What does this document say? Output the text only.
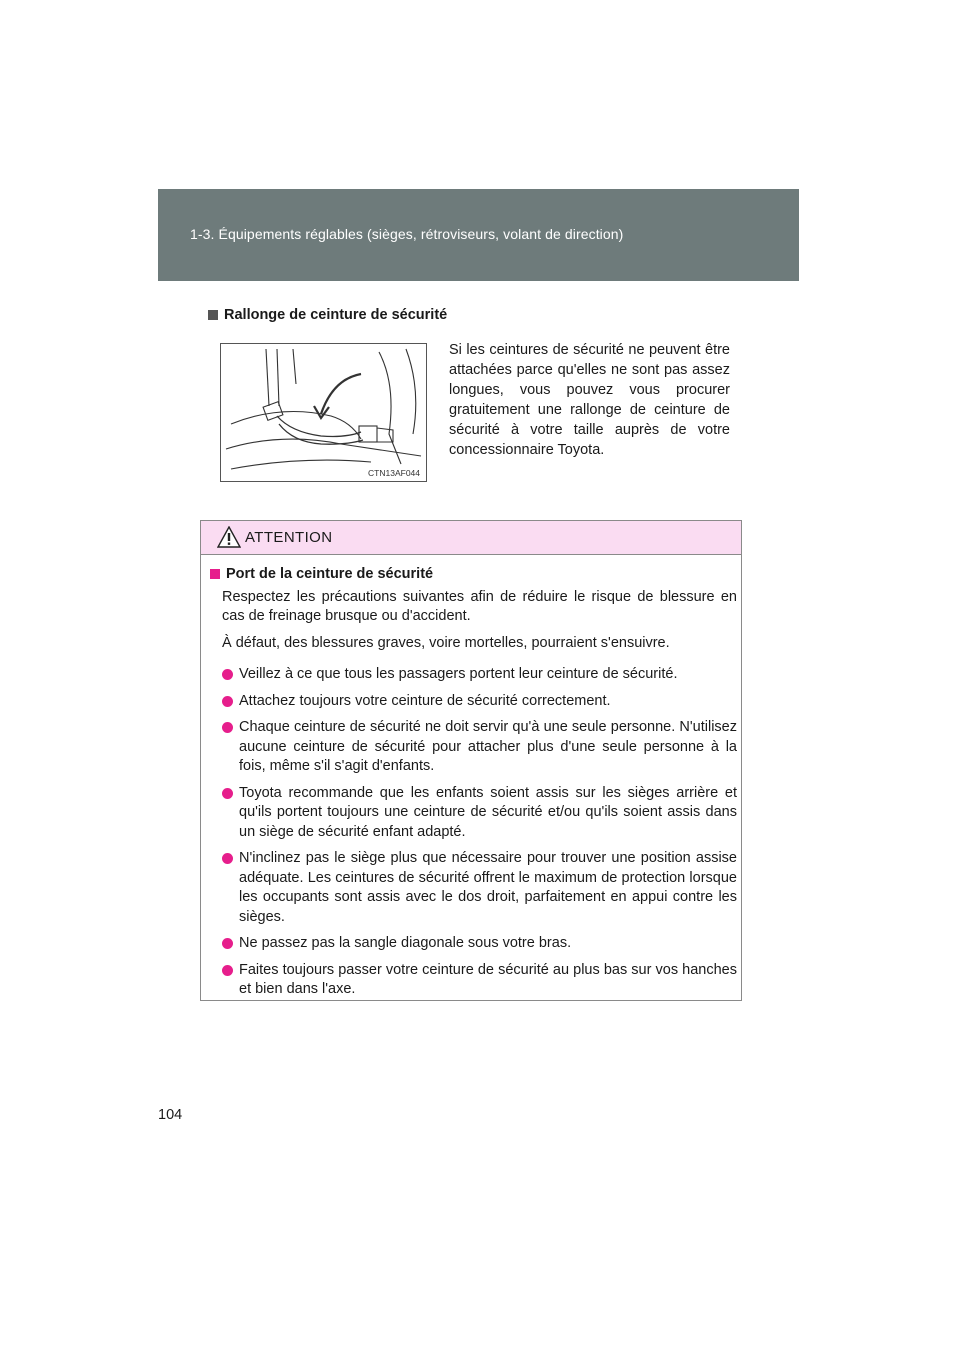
1-3. Équipements réglables (sièges, rétroviseurs, volant de direction)
Rallonge de ceinture de sécurité
CTN13AF044
Si les ceintures de sécurité ne peuvent être attachées parce qu'elles ne sont pas assez longues, vous pouvez vous procurer gratuitement une rallonge de ceinture de sécurité à votre taille auprès de votre concessionnaire Toyota.
ATTENTION
Port de la ceinture de sécurité
Respectez les précautions suivantes afin de réduire le risque de blessure en cas de freinage brusque ou d'accident.
À défaut, des blessures graves, voire mortelles, pourraient s'ensuivre.
Veillez à ce que tous les passagers portent leur ceinture de sécurité.
Attachez toujours votre ceinture de sécurité correctement.
Chaque ceinture de sécurité ne doit servir qu'à une seule personne. N'utilisez aucune ceinture de sécurité pour attacher plus d'une seule personne à la fois, même s'il s'agit d'enfants.
Toyota recommande que les enfants soient assis sur les sièges arrière et qu'ils portent toujours une ceinture de sécurité et/ou qu'ils soient assis dans un siège de sécurité enfant adapté.
N'inclinez pas le siège plus que nécessaire pour trouver une position assise adéquate. Les ceintures de sécurité offrent le maximum de protection lorsque les occupants sont assis avec le dos droit, parfaitement en appui contre les sièges.
Ne passez pas la sangle diagonale sous votre bras.
Faites toujours passer votre ceinture de sécurité au plus bas sur vos hanches et bien dans l'axe.
104
